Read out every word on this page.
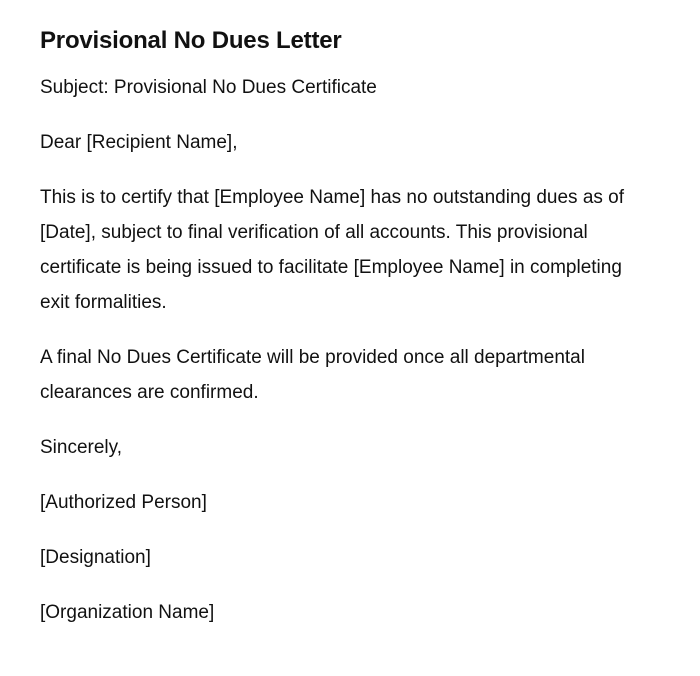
Provisional No Dues Letter

Subject: Provisional No Dues Certificate

Dear [Recipient Name],

This is to certify that [Employee Name] has no outstanding dues as of [Date], subject to final verification of all accounts. This provisional certificate is being issued to facilitate [Employee Name] in completing exit formalities.

A final No Dues Certificate will be provided once all departmental clearances are confirmed.

Sincerely,

[Authorized Person]

[Designation]

[Organization Name]
